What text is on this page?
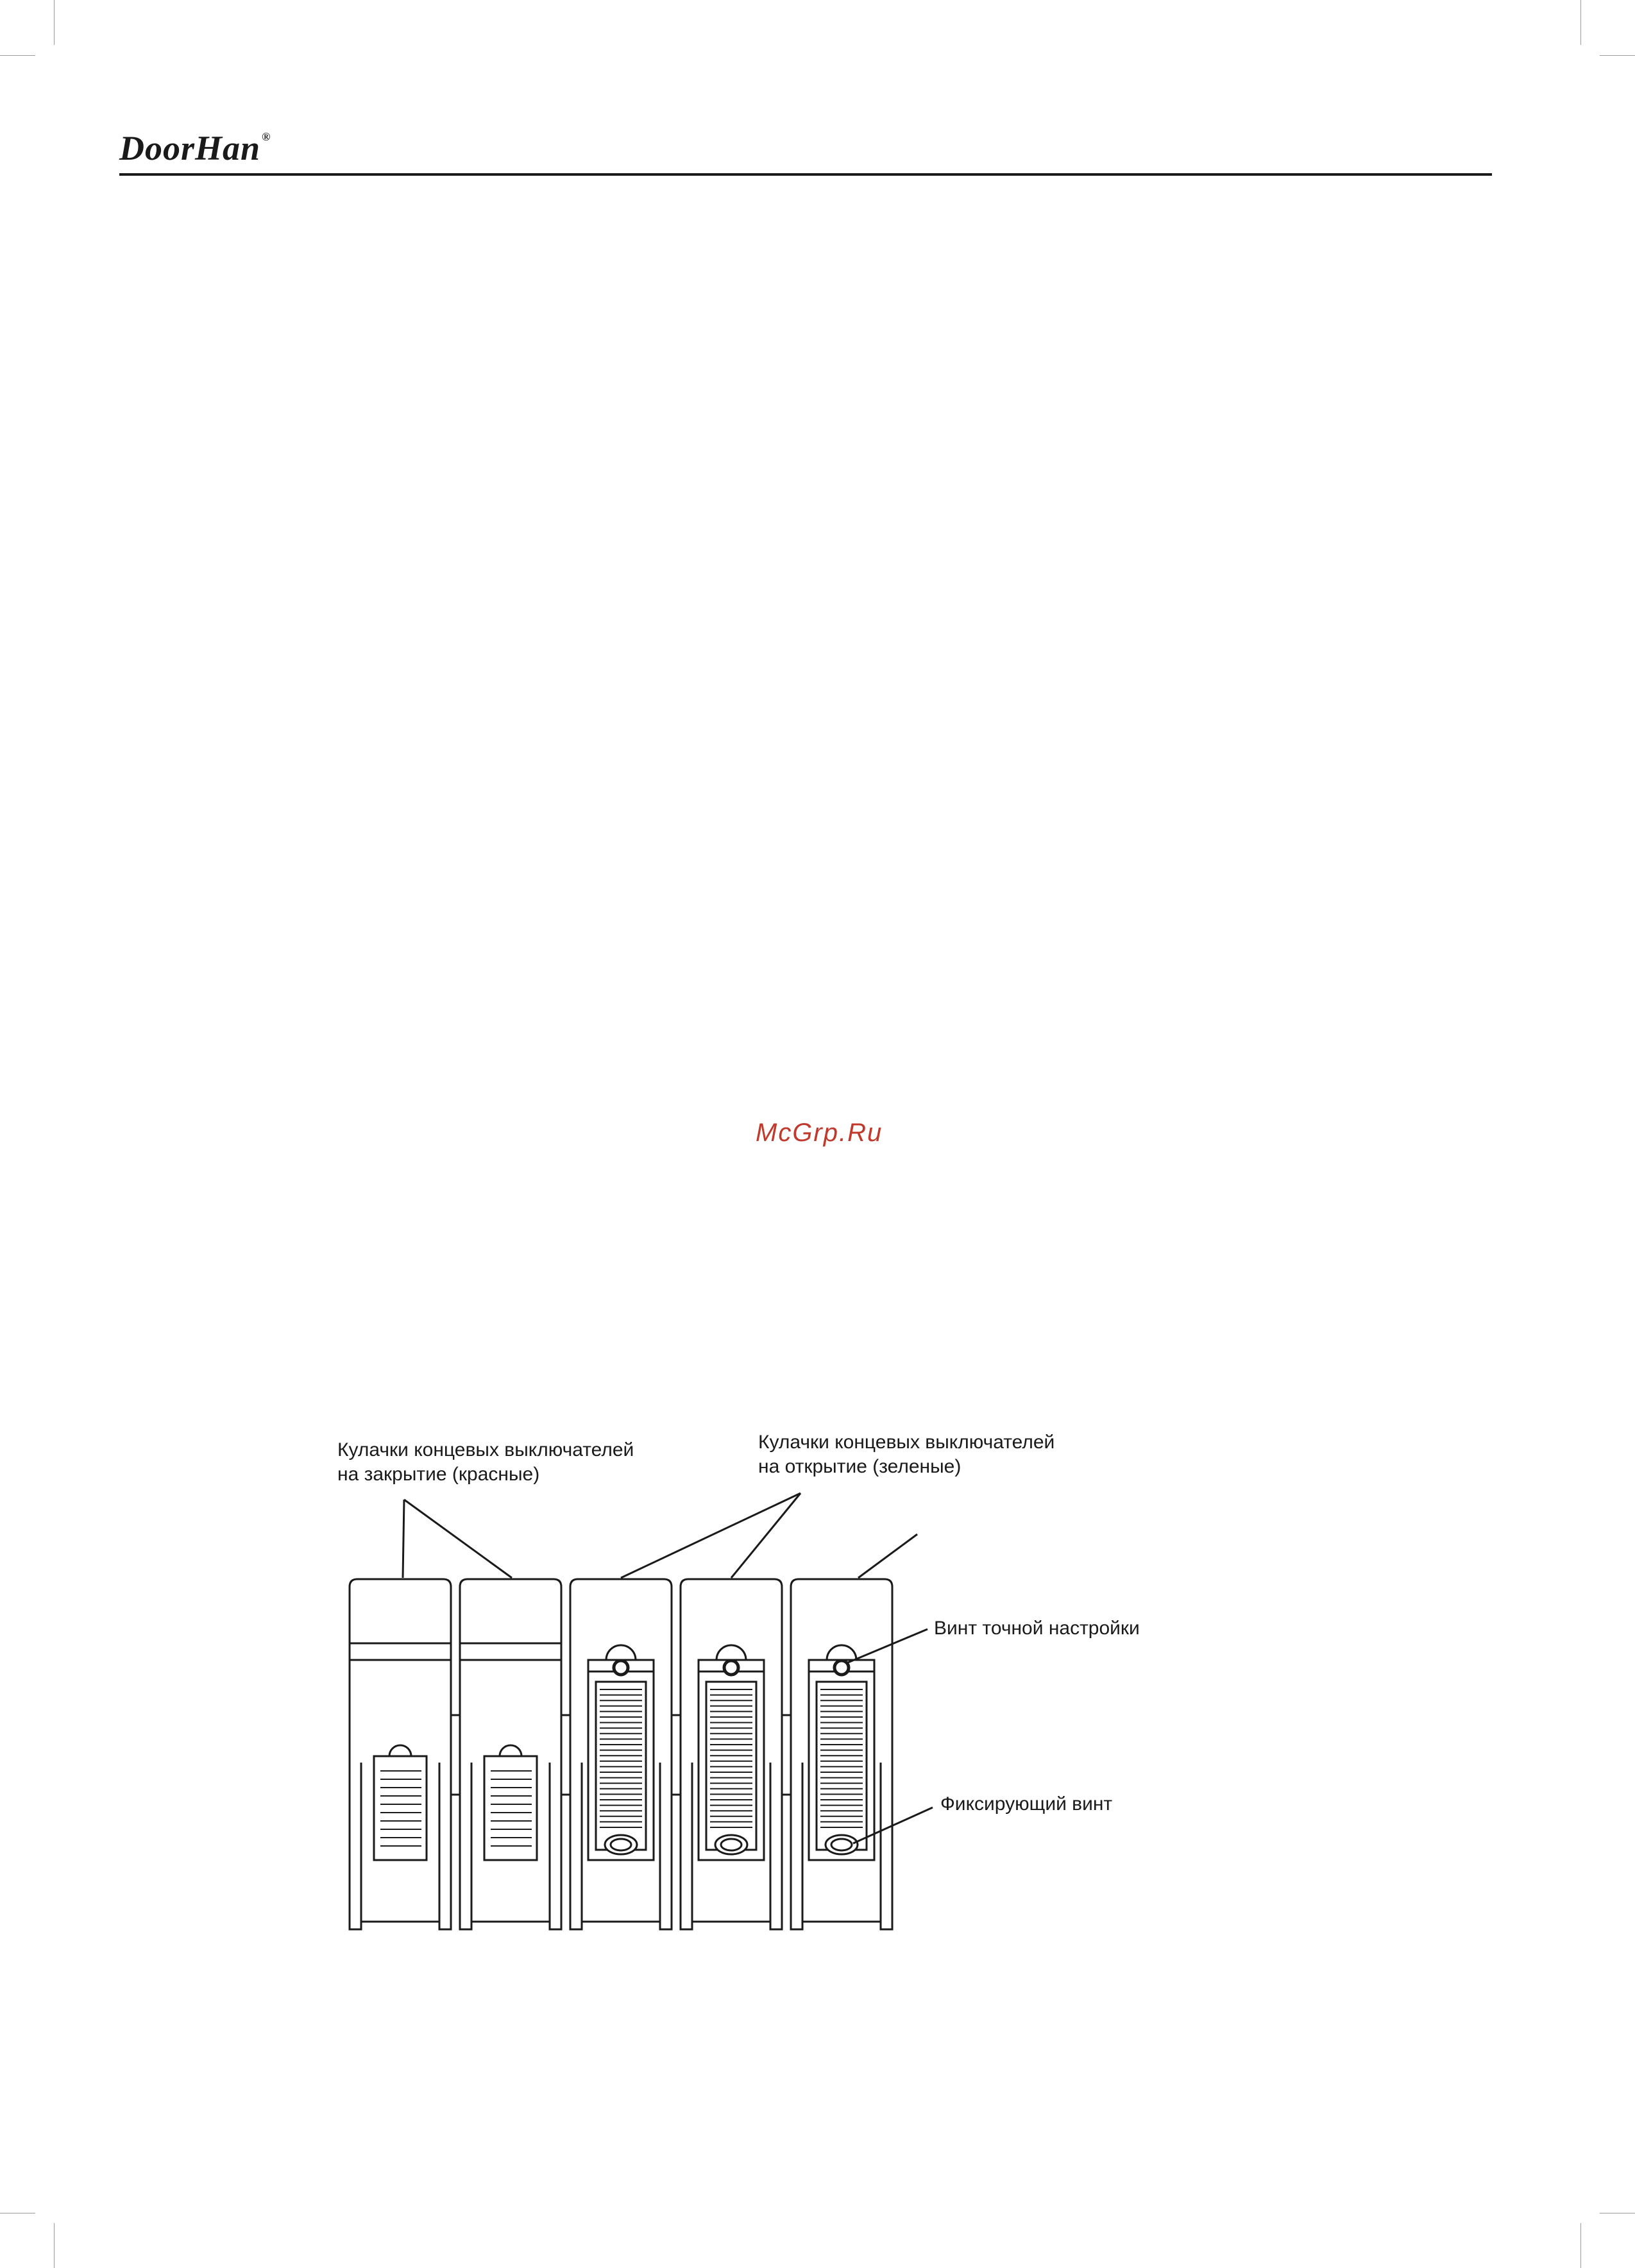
DoorHan ®
McGrp.Ru
Кулачки концевых выключателей
на закрытие (красные)
Кулачки концевых выключателей
на открытие (зеленые)
Винт точной настройки
Фиксирующий винт
